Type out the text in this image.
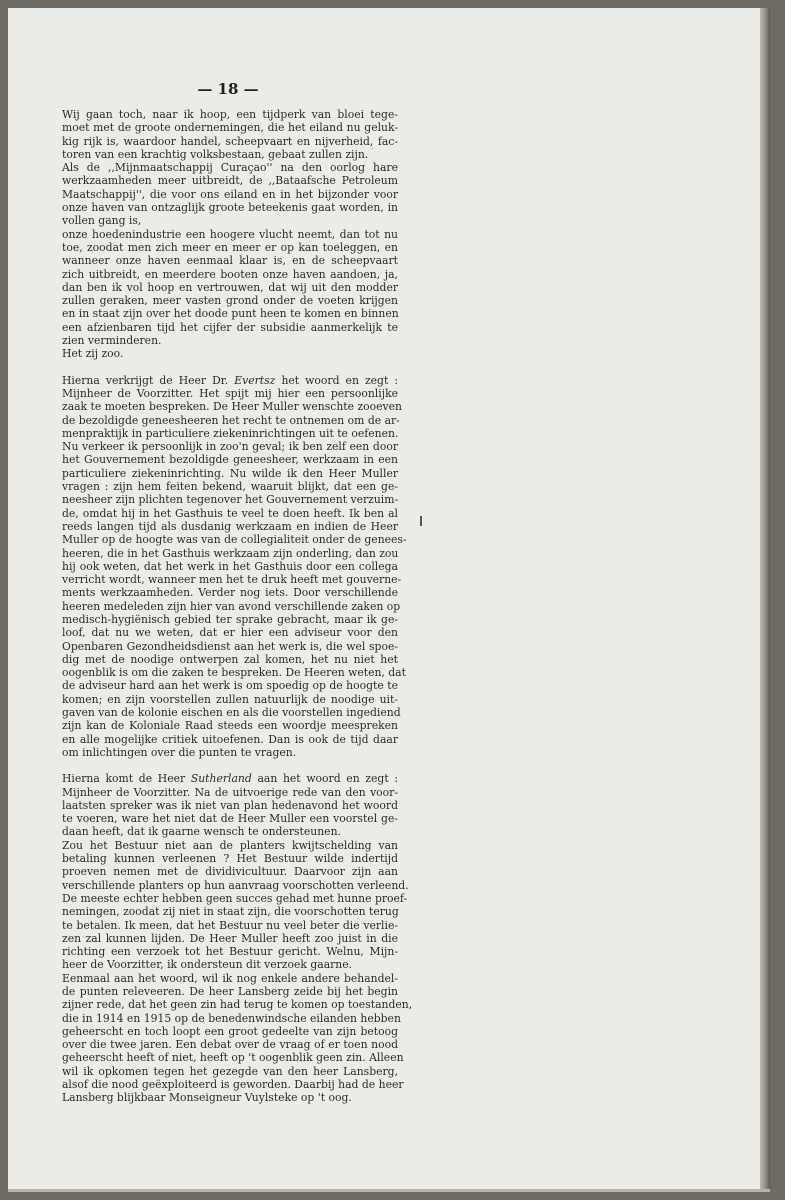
— 18 —

Wij gaan toch, naar ik hoop, een tijdperk van bloei tege-
moet met de groote ondernemingen, die het eiland nu geluk-
kig rijk is, waardoor handel, scheepvaart en nijverheid, fac-
toren van een krachtig volksbestaan, gebaat zullen zijn.

Als de ,,Mijnmaatschappij Curaçao'' na den oorlog hare
werkzaamheden meer uitbreidt, de ,,Bataafsche Petroleum
Maatschappij'', die voor ons eiland en in het bijzonder voor
onze haven van ontzaglijk groote beteekenis gaat worden, in
vollen gang is,
onze hoedenindustrie een hoogere vlucht neemt, dan tot nu
toe, zoodat men zich meer en meer er op kan toeleggen, en
wanneer onze haven eenmaal klaar is, en de scheepvaart
zich uitbreidt, en meerdere booten onze haven aandoen, ja,
dan ben ik vol hoop en vertrouwen, dat wij uit den modder
zullen geraken, meer vasten grond onder de voeten krijgen
en in staat zijn over het doode punt heen te komen en binnen
een afzienbaren tijd het cijfer der subsidie aanmerkelijk te
zien verminderen.
Het zij zoo.

Hierna verkrijgt de Heer Dr. Evertsz het woord en zegt :
Mijnheer de Voorzitter. Het spijt mij hier een persoonlijke
zaak te moeten bespreken. De Heer Muller wenschte zooeven
de bezoldigde geneesheeren het recht te ontnemen om de ar-
menpraktijk in particuliere ziekeninrichtingen uit te oefenen.
Nu verkeer ik persoonlijk in zoo'n geval; ik ben zelf een door
het Gouvernement bezoldigde geneesheer, werkzaam in een
particuliere ziekeninrichting. Nu wilde ik den Heer Muller
vragen : zijn hem feiten bekend, waaruit blijkt, dat een ge-
neesheer zijn plichten tegenover het Gouvernement verzuim-
de, omdat hij in het Gasthuis te veel te doen heeft. Ik ben al
reeds langen tijd als dusdanig werkzaam en indien de Heer
Muller op de hoogte was van de collegialiteit onder de genees-
heeren, die in het Gasthuis werkzaam zijn onderling, dan zou
hij ook weten, dat het werk in het Gasthuis door een collega
verricht wordt, wanneer men het te druk heeft met gouverne-
ments werkzaamheden. Verder nog iets. Door verschillende
heeren medeleden zijn hier van avond verschillende zaken op
medisch-hygiënisch gebied ter sprake gebracht, maar ik ge-
loof, dat nu we weten, dat er hier een adviseur voor den
Openbaren Gezondheidsdienst aan het werk is, die wel spoe-
dig met de noodige ontwerpen zal komen, het nu niet het
oogenblik is om die zaken te bespreken. De Heeren weten, dat
de adviseur hard aan het werk is om spoedig op de hoogte te
komen; en zijn voorstellen zullen natuurlijk de noodige uit-
gaven van de kolonie eischen en als die voorstellen ingediend
zijn kan de Koloniale Raad steeds een woordje meespreken
en alle mogelijke critiek uitoefenen. Dan is ook de tijd daar
om inlichtingen over die punten te vragen.

Hierna komt de Heer Sutherland aan het woord en zegt :
Mijnheer de Voorzitter. Na de uitvoerige rede van den voor-
laatsten spreker was ik niet van plan hedenavond het woord
te voeren, ware het niet dat de Heer Muller een voorstel ge-
daan heeft, dat ik gaarne wensch te ondersteunen.

Zou het Bestuur niet aan de planters kwijtschelding van
betaling kunnen verleenen ? Het Bestuur wilde indertijd
proeven nemen met de dividivicultuur. Daarvoor zijn aan
verschillende planters op hun aanvraag voorschotten verleend.
De meeste echter hebben geen succes gehad met hunne proef-
nemingen, zoodat zij niet in staat zijn, die voorschotten terug
te betalen. Ik meen, dat het Bestuur nu veel beter die verlie-
zen zal kunnen lijden. De Heer Muller heeft zoo juist in die
richting een verzoek tot het Bestuur gericht. Welnu, Mijn-
heer de Voorzitter, ik ondersteun dit verzoek gaarne.

Eenmaal aan het woord, wil ik nog enkele andere behandel-
de punten releveeren. De heer Lansberg zeide bij het begin
zijner rede, dat het geen zin had terug te komen op toestanden,
die in 1914 en 1915 op de benedenwindsche eilanden hebben
geheerscht en toch loopt een groot gedeelte van zijn betoog
over die twee jaren. Een debat over de vraag of er toen nood
geheerscht heeft of niet, heeft op 't oogenblik geen zin. Alleen
wil ik opkomen tegen het gezegde van den heer Lansberg,
alsof die nood geëxploiteerd is geworden. Daarbij had de heer
Lansberg blijkbaar Monseigneur Vuylsteke op 't oog.
